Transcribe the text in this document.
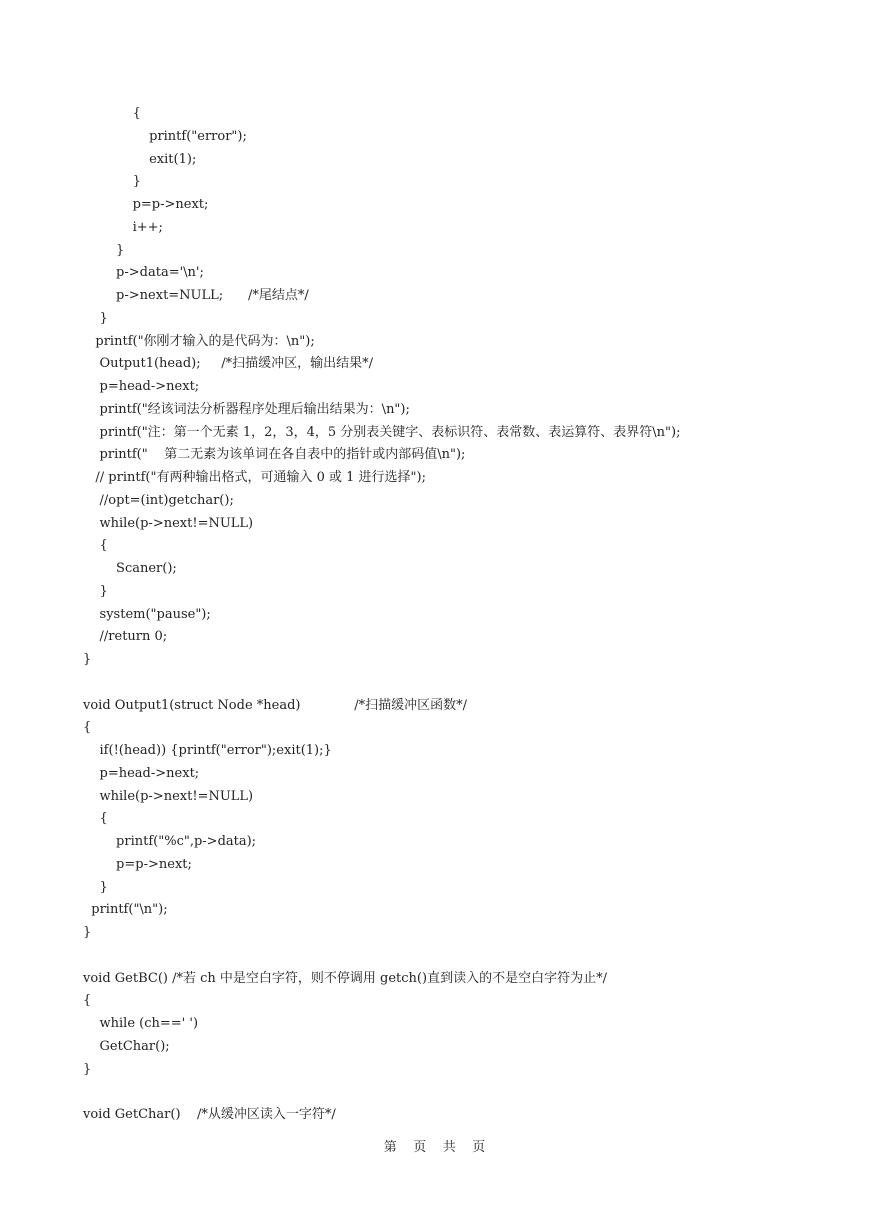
{
printf("error");
exit(1);
}
p=p->next;
i++;
}
p->data='\n';
p->next=NULL;      /*尾结点*/
}
printf("你刚才输入的是代码为：\n");
Output1(head);     /*扫描缓冲区，输出结果*/
p=head->next;
printf("经该词法分析器程序处理后输出结果为：\n");
printf("注：第一个无素 1，2，3，4，5 分别表关键字、表标识符、表常数、表运算符、表界符\n");
printf("    第二无素为该单词在各自表中的指针或内部码值\n");
// printf("有两种输出格式，可通输入 0 或 1 进行选择");
//opt=(int)getchar();
while(p->next!=NULL)
{
Scaner();
}
system("pause");
//return 0;
}
void Output1(struct Node *head)             /*扫描缓冲区函数*/
{
if(!(head)) {printf("error");exit(1);}
p=head->next;
while(p->next!=NULL)
{
printf("%c",p->data);
p=p->next;
}
printf("\n");
}
void GetBC() /*若 ch 中是空白字符，则不停调用 getch()直到读入的不是空白字符为止*/
{
while (ch==' ')
GetChar();
}
void GetChar()    /*从缓冲区读入一字符*/
第    页    共    页
